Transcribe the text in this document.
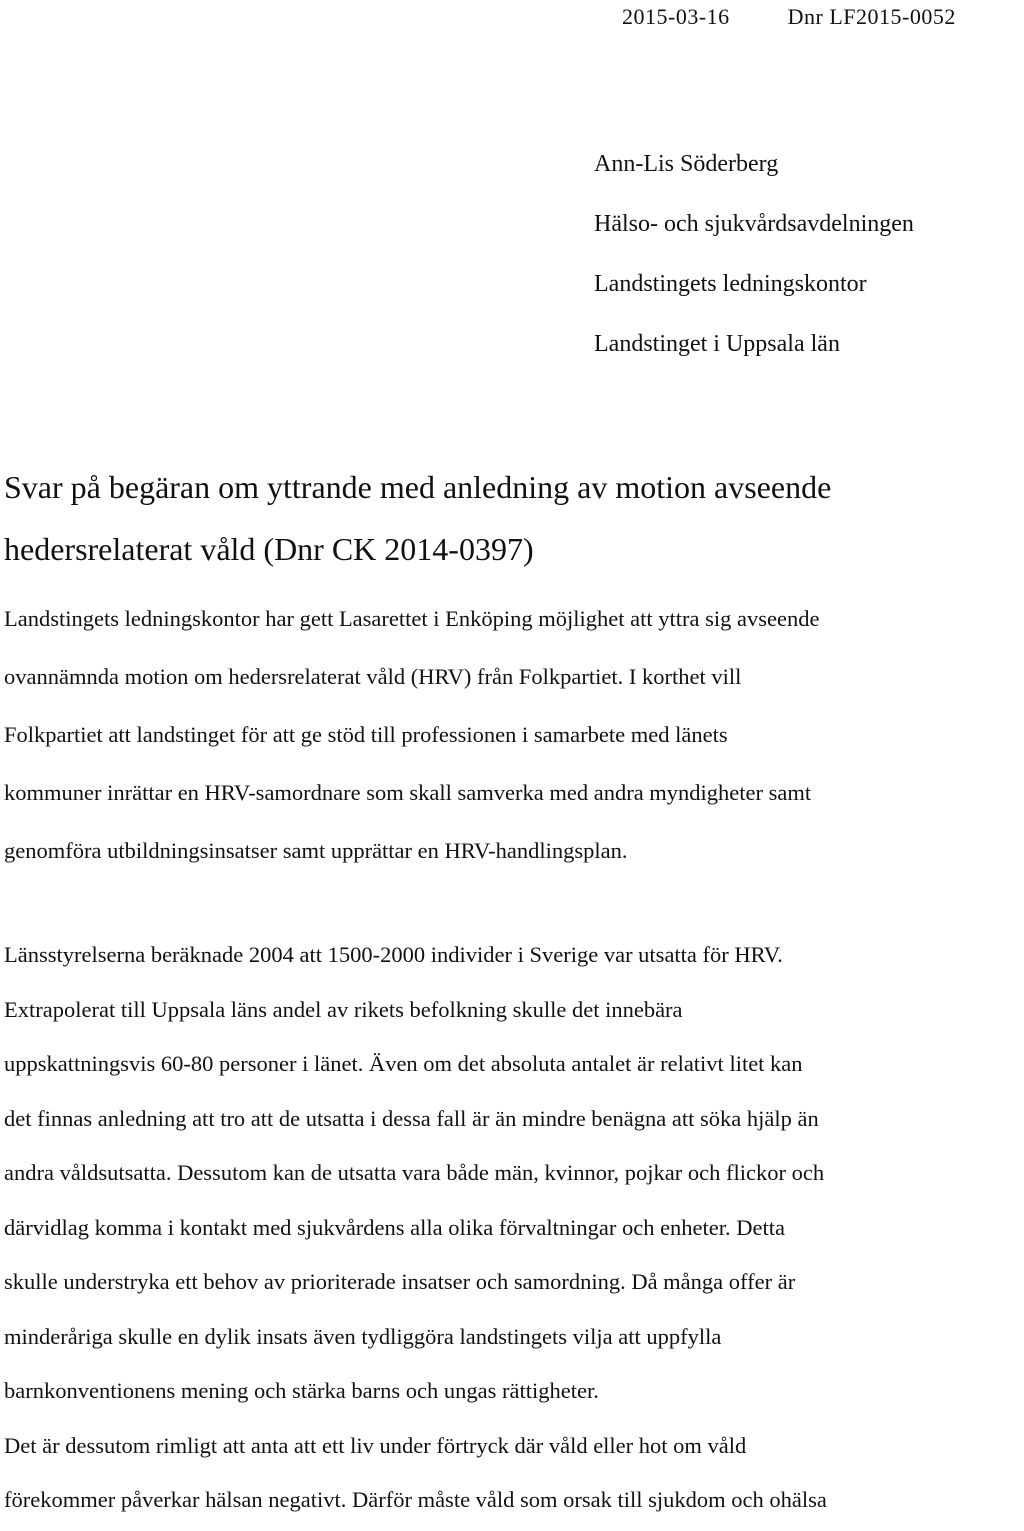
2015-03-16	Dnr LF2015-0052
Ann-Lis Söderberg
Hälso- och sjukvårdsavdelningen
Landstingets ledningskontor
Landstinget i Uppsala län
Svar på begäran om yttrande med anledning av motion avseende
hedersrelaterat våld (Dnr CK 2014-0397)
Landstingets ledningskontor har gett Lasarettet i Enköping möjlighet att yttra sig avseende
ovannämnda motion om hedersrelaterat våld (HRV) från Folkpartiet. I korthet vill
Folkpartiet att landstinget för att ge stöd till professionen i samarbete med länets
kommuner inrättar en HRV-samordnare som skall samverka med andra myndigheter samt
genomföra utbildningsinsatser samt upprättar en HRV-handlingsplan.
Länsstyrelserna beräknade 2004 att 1500-2000 individer i Sverige var utsatta för HRV.
Extrapolerat till Uppsala läns andel av rikets befolkning skulle det innebära
uppskattningsvis 60-80 personer i länet. Även om det absoluta antalet är relativt litet kan
det finnas anledning att tro att de utsatta i dessa fall är än mindre benägna att söka hjälp än
andra våldsutsatta. Dessutom kan de utsatta vara både män, kvinnor, pojkar och flickor och
därvidlag komma i kontakt med sjukvårdens alla olika förvaltningar och enheter. Detta
skulle understryka ett behov av prioriterade insatser och samordning. Då många offer är
minderåriga skulle en dylik insats även tydliggöra landstingets vilja att uppfylla
barnkonventionens mening och stärka barns och ungas rättigheter.
Det är dessutom rimligt att anta att ett liv under förtryck där våld eller hot om våld
förekommer påverkar hälsan negativt. Därför måste våld som orsak till sjukdom och ohälsa
